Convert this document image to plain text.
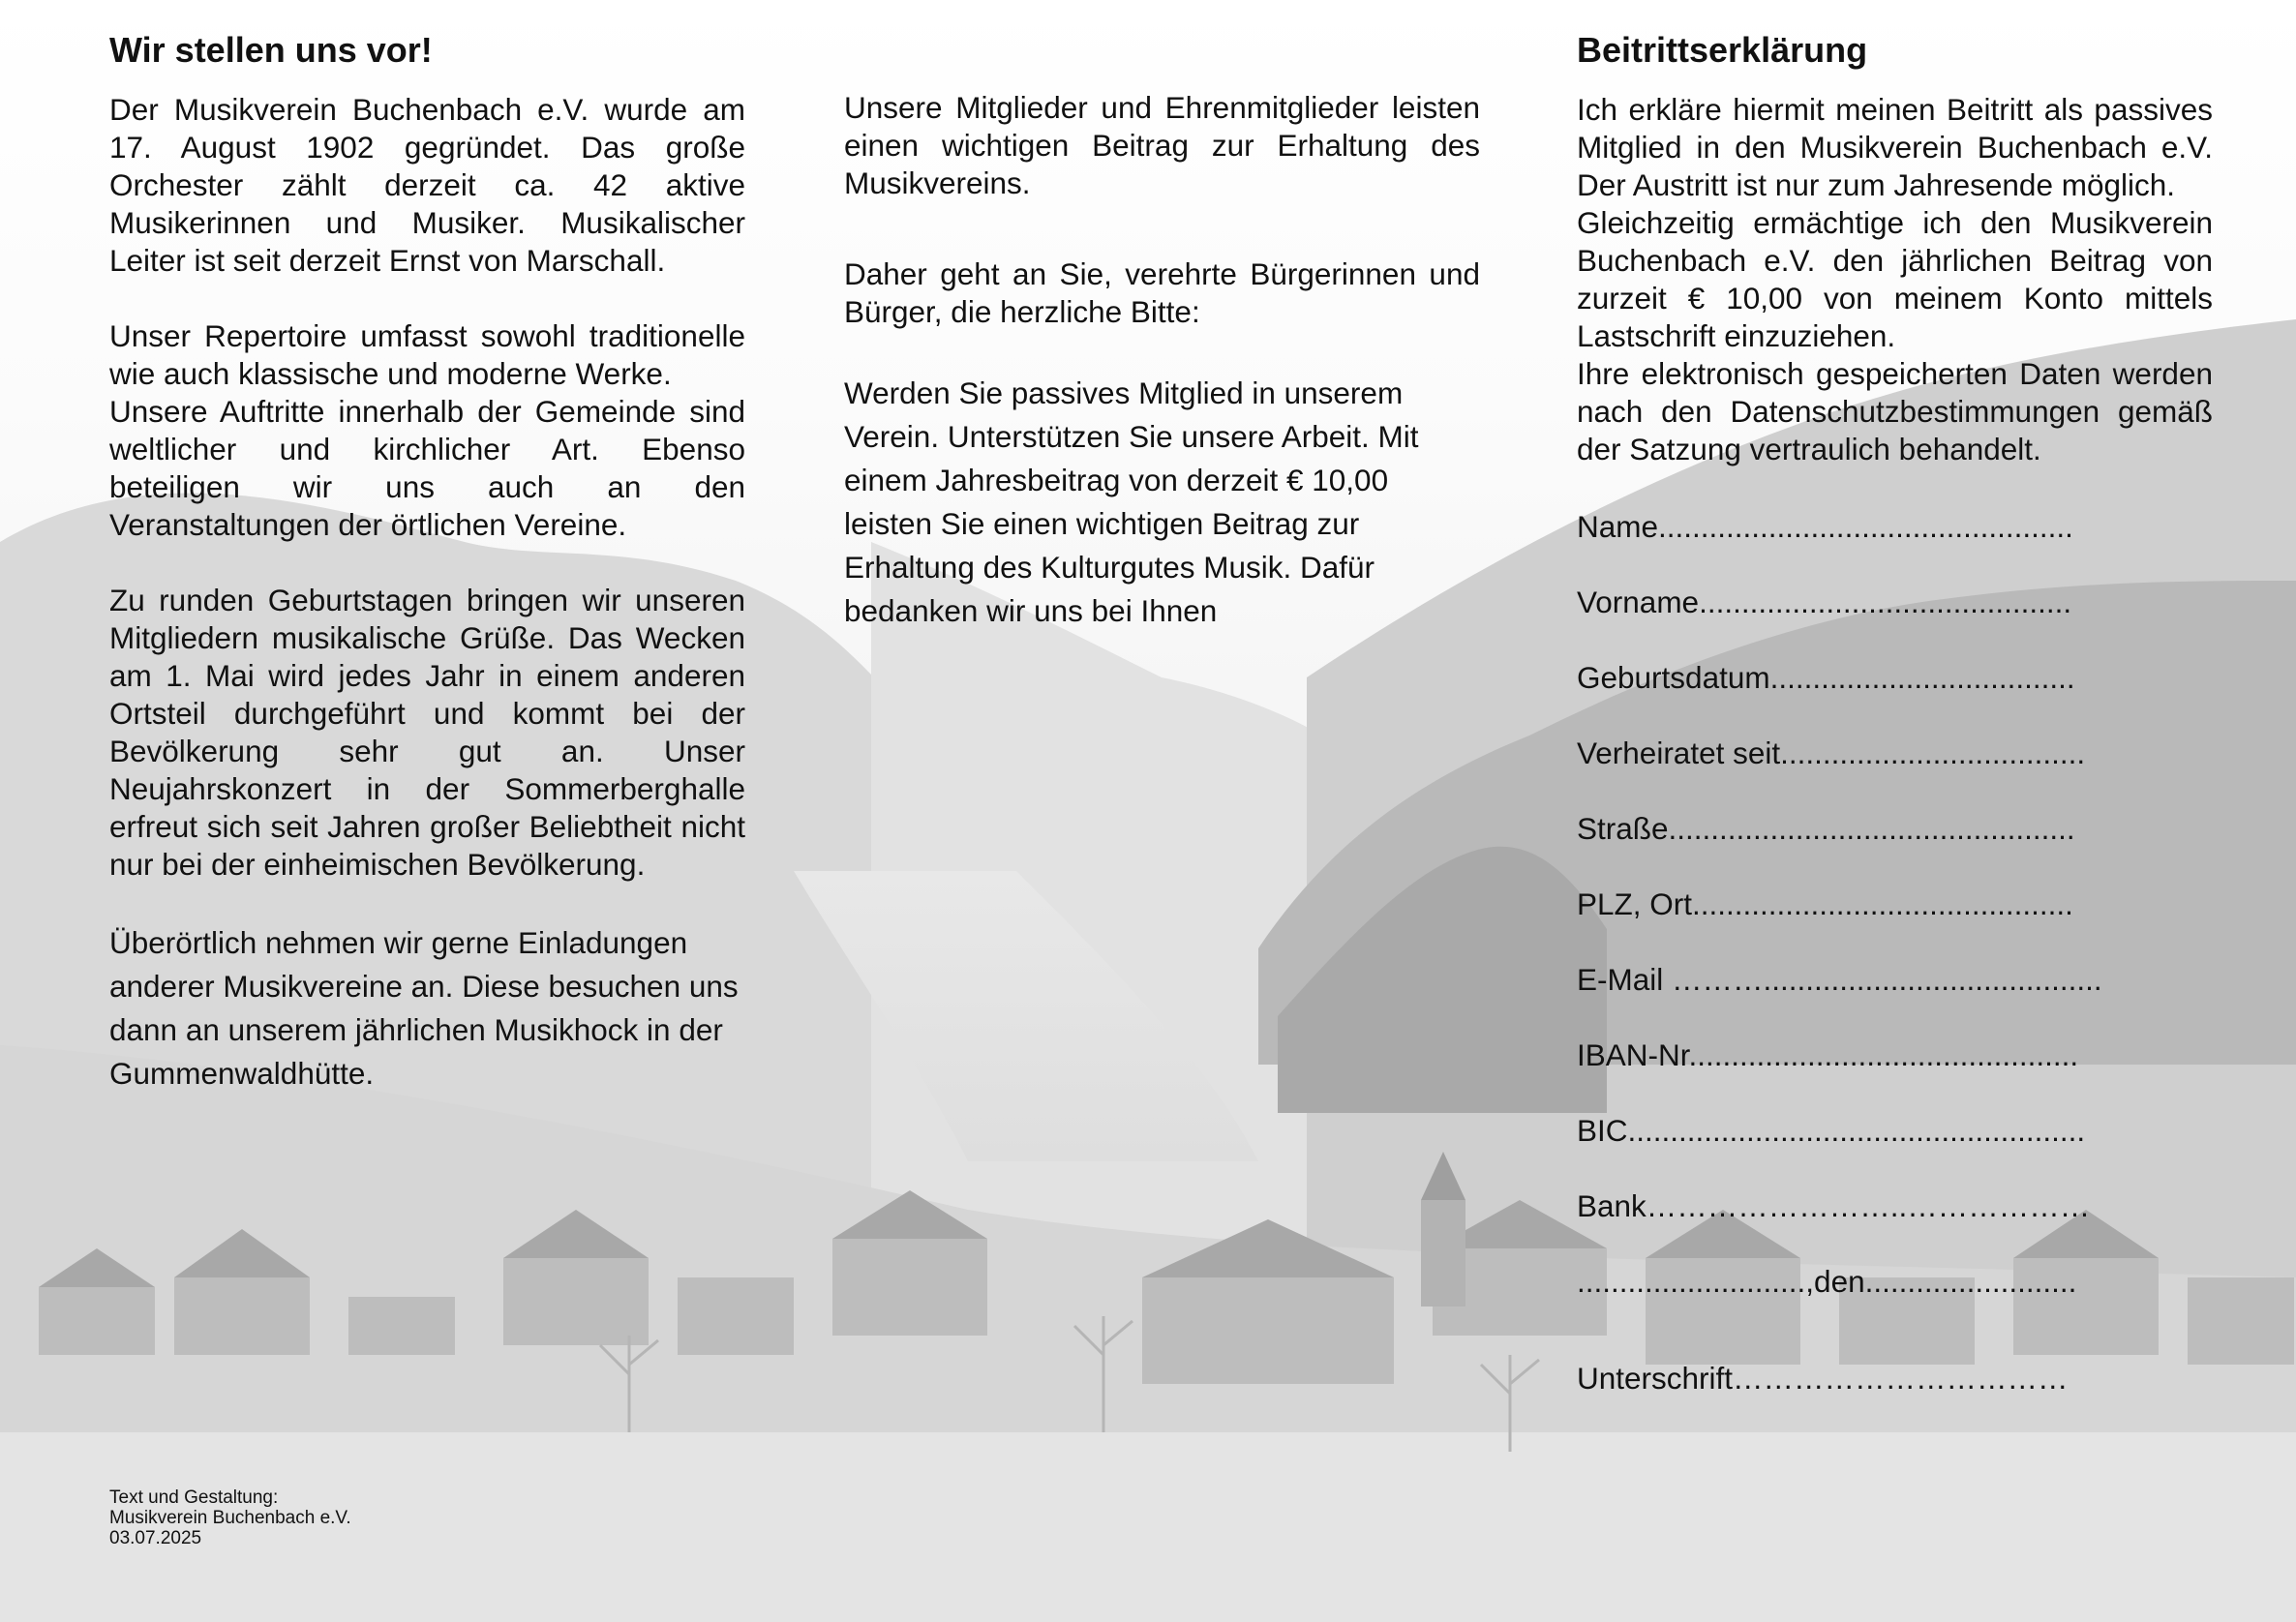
Wir stellen uns vor!

Der Musikverein Buchenbach e.V. wurde am 17. August 1902 gegründet. Das große Orchester zählt derzeit ca. 42 aktive Musikerinnen und Musiker. Musikalischer Leiter ist seit derzeit Ernst von Marschall.

Unser Repertoire umfasst sowohl traditionelle wie auch klassische und moderne Werke.

Unsere Auftritte innerhalb der Gemeinde sind weltlicher und kirchlicher Art. Ebenso beteiligen wir uns auch an den Veranstaltungen der örtlichen Vereine.

Zu runden Geburtstagen bringen wir unseren Mitgliedern musikalische Grüße. Das Wecken am 1. Mai wird jedes Jahr in einem anderen Ortsteil durchgeführt und kommt bei der Bevölkerung sehr gut an. Unser Neujahrskonzert in der Sommerberghalle erfreut sich seit Jahren großer Beliebtheit nicht nur bei der einheimischen Bevölkerung.

Überörtlich nehmen wir gerne Einladungen anderer Musikvereine an. Diese besuchen uns dann an unserem jährlichen Musikhock in der Gummenwaldhütte.

Text und Gestaltung:
Musikverein Buchenbach e.V.
03.07.2025

Unsere Mitglieder und Ehrenmitglieder leisten einen wichtigen Beitrag zur Erhaltung des Musikvereins.

Daher geht an Sie, verehrte Bürgerinnen und Bürger, die herzliche Bitte:

Werden Sie passives Mitglied in unserem Verein. Unterstützen Sie unsere Arbeit. Mit einem Jahresbeitrag von derzeit € 10,00 leisten Sie einen wichtigen Beitrag zur Erhaltung des Kulturgutes Musik. Dafür bedanken wir uns bei Ihnen

Beitrittserklärung

Ich erkläre hiermit meinen Beitritt als passives Mitglied in den Musikverein Buchenbach e.V. Der Austritt ist nur zum Jahresende möglich.

Gleichzeitig ermächtige ich den Musikverein Buchenbach e.V. den jährlichen Beitrag von zurzeit € 10,00 von meinem Konto mittels Lastschrift einzuziehen.

Ihre elektronisch gespeicherten Daten werden nach den Datenschutzbestimmungen gemäß der Satzung vertraulich behandelt.

Name.................................................
Vorname............................................
Geburtsdatum....................................
Verheiratet seit....................................
Straße................................................
PLZ, Ort.............................................
E-Mail ………........................................
IBAN-Nr..............................................
BIC......................................................
Bank……………………..………………
...........................,den.........................
Unterschrift……………………………
